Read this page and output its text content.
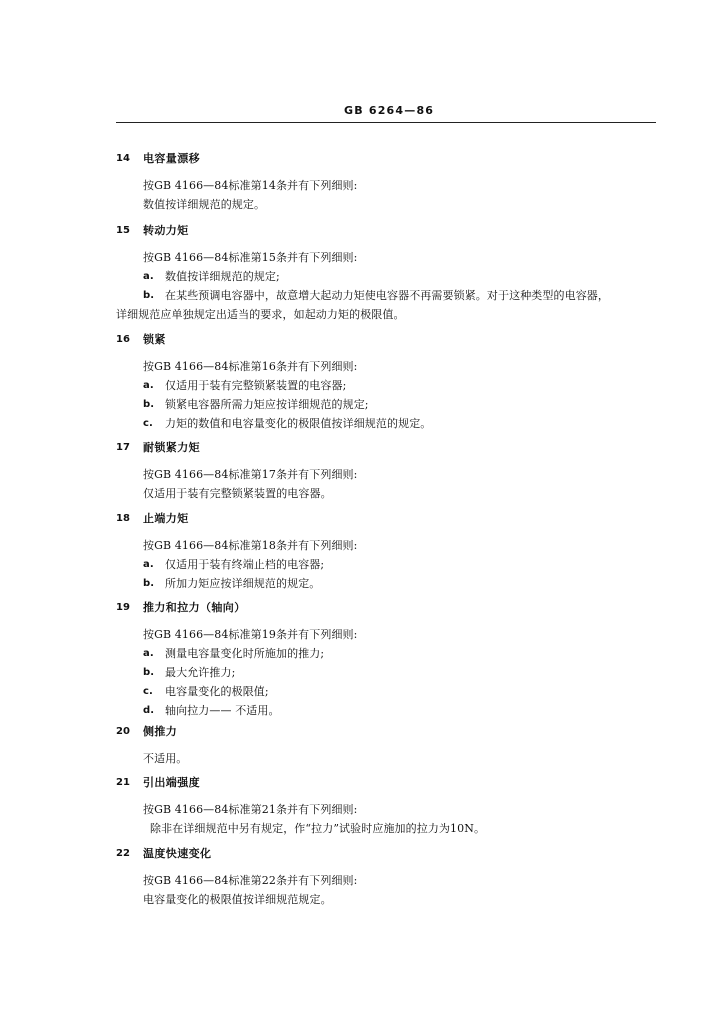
GB 6264—86
14	电容量漂移
按GB 4166—84标准第14条并有下列细则:
数值按详细规范的规定。
15	转动力矩
按GB 4166—84标准第15条并有下列细则:
a.	数值按详细规范的规定;
b. 在某些预调电容器中，故意增大起动力矩使电容器不再需要锁紧。对于这种类型的电容器，
详细规范应单独规定出适当的要求，如起动力矩的极限值。
16	锁紧
按GB 4166—84标准第16条并有下列细则:
a.	仅适用于装有完整锁紧装置的电容器;
b. 锁紧电容器所需力矩应按详细规范的规定;
c.	力矩的数值和电容量变化的极限值按详细规范的规定。
17	耐锁紧力矩
按GB 4166—84标准第17条并有下列细则:
仅适用于装有完整锁紧装置的电容器。
18	止端力矩
按GB 4166—84标准第18条并有下列细则:
a.	仅适用于装有终端止档的电容器;
b. 所加力矩应按详细规范的规定。
19	推力和拉力（轴向）
按GB 4166—84标准第19条并有下列细则:
a.	测量电容量变化时所施加的推力;
b. 最大允许推力;
c.	电容量变化的极限值;
d. 轴向拉力—— 不适用。
20	侧推力
不适用。
21	引出端强度
按GB 4166—84标准第21条并有下列细则:
除非在详细规范中另有规定，作“拉力”试验时应施加的拉力为10N。
22	温度快速变化
按GB 4166—84标准第22条并有下列细则:
电容量变化的极限值按详细规范规定。
